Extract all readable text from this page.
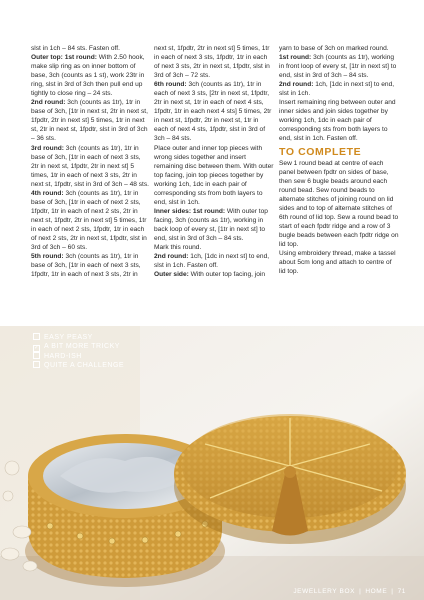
slst in 1ch – 84 sts. Fasten off.

Outer top: 1st round: With 2.50 hook, make slip ring as on inner bottom of base, 3ch (counts as 1 st), work 23tr in ring, slst in 3rd of 3ch then pull end up tightly to close ring – 24 sts.

2nd round: 3ch (counts as 1tr), 1tr in base of 3ch, [1tr in next st, 2tr in next st, 1fpdtr, 2tr in next st] 5 times, 1tr in next st, 2tr in next st, 1fpdtr, slst in 3rd of 3ch – 36 sts.

3rd round: 3ch (counts as 1tr), 1tr in base of 3ch, [1tr in each of next 3 sts, 2tr in next st, 1fpdtr, 2tr in next st] 5 times, 1tr in each of next 3 sts, 2tr in next st, 1fpdtr, slst in 3rd of 3ch – 48 sts.

4th round: 3ch (counts as 1tr), 1tr in base of 3ch, [1tr in each of next 2 sts, 1fpdtr, 1tr in each of next 2 sts, 2tr in next st, 1fpdtr, 2tr in next st] 5 times, 1tr in each of next 2 sts, 1fpdtr, 1tr in each of next 2 sts, 2tr in next st, 1fpdtr, slst in 3rd of 3ch – 60 sts.

5th round: 3ch (counts as 1tr), 1tr in base of 3ch, [1tr in each of next 3 sts, 1fpdtr, 1tr in each of next 3 sts, 2tr in

next st, 1fpdtr, 2tr in next st] 5 times, 1tr in each of next 3 sts, 1fpdtr, 1tr in each of next 3 sts, 2tr in next st, 1fpdtr, slst in 3rd of 3ch – 72 sts.

6th round: 3ch (counts as 1tr), 1tr in each of next 3 sts, [2tr in next st, 1fpdtr, 2tr in next st, 1tr in each of next 4 sts, 1fpdtr, 1tr in each next 4 sts] 5 times, 2tr in next st, 1fpdtr, 2tr in next st, 1tr in each of next 4 sts, 1fpdtr, slst in 3rd of 3ch – 84 sts.

Place outer and inner top pieces with wrong sides together and insert remaining disc between them. With outer top facing, join top pieces together by working 1ch, 1dc in each pair of corresponding sts from both layers to end, slst in 1ch.

Inner sides: 1st round: With outer top facing, 3ch (counts as 1tr), working in back loop of every st, [1tr in next st] to end, slst in 3rd of 3ch – 84 sts.

Mark this round.

2nd round: 1ch, [1dc in next st] to end, slst in 1ch. Fasten off.

Outer side: With outer top facing, join

yarn to base of 3ch on marked round.

1st round: 3ch (counts as 1tr), working in front loop of every st, [1tr in next st] to end, slst in 3rd of 3ch – 84 sts.

2nd round: 1ch, [1dc in next st] to end, slst in 1ch.

Insert remaining ring between outer and inner sides and join sides together by working 1ch, 1dc in each pair of corresponding sts from both layers to end, slst in 1ch. Fasten off.

TO COMPLETE

Sew 1 round bead at centre of each panel between fpdtr on sides of base, then sew 6 bugle beads around each round bead. Sew round beads to alternate stitches of joining round on lid sides and to top of alternate stitches of 6th round of lid top. Sew a round bead to start of each fpdtr ridge and a row of 3 bugle beads between each fpdtr ridge on lid top.

Using embroidery thread, make a tassel about 5cm long and attach to centre of lid top.

EASY PEASY
✓ A BIT MORE TRICKY
HARD-ISH
QUITE A CHALLENGE
JEWELLERY BOX | HOME | 71
